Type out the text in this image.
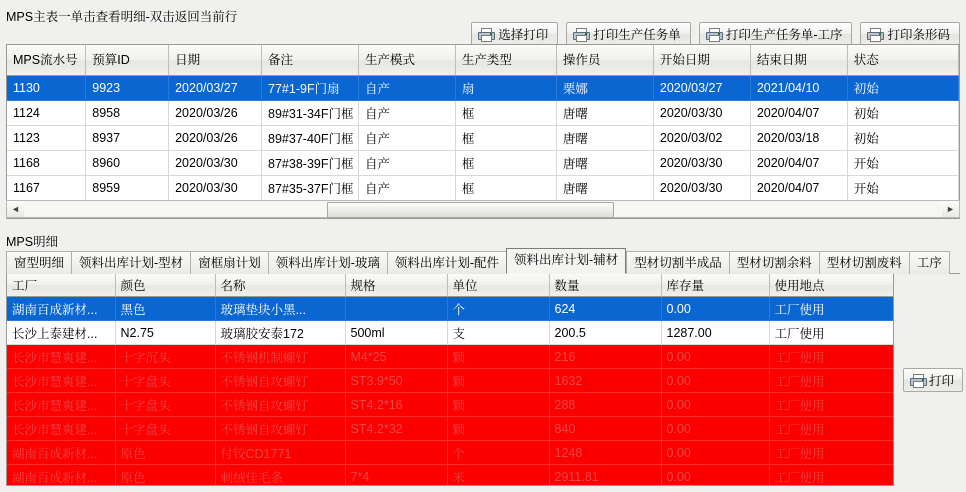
MPS主表一单击查看明细-双击返回当前行
选择打印	打印生产任务单	打印生产任务单-工序	打印条形码
MPS流水号	预算ID	日期	备注	生产模式	生产类型	操作员	开始日期	结束日期	状态
1130	9923	2020/03/27	77#1-9F门扇	自产	扇	栗娜	2020/03/27	2021/04/10	初始
1124	8958	2020/03/26	89#31-34F门框	自产	框	唐曙	2020/03/30	2020/04/07	初始
1123	8937	2020/03/26	89#37-40F门框	自产	框	唐曙	2020/03/02	2020/03/18	初始
1168	8960	2020/03/30	87#38-39F门框	自产	框	唐曙	2020/03/30	2020/04/07	开始
1167	8959	2020/03/30	87#35-37F门框	自产	框	唐曙	2020/03/30	2020/04/07	开始
◄	►
MPS明细
窗型明细	领料出库计划-型材	窗框扇计划	领料出库计划-玻璃	领料出库计划-配件	领料出库计划-辅材	型材切割半成品	型材切割余料	型材切割废料	工序
工厂	颜色	名称	规格	单位	数量	库存量	使用地点
湖南百成新材...	黑色	玻璃垫块小黑...		个	624	0.00	工厂使用
长沙上泰建材...	N2.75	玻璃胶安泰172	500ml	支	200.5	1287.00	工厂使用
长沙市慧爽建...	十字沉头	不锈钢机制螺钉	M4*25	颗	216	0.00	工厂使用
长沙市慧爽建...	十字盘头	不锈钢自攻螺钉	ST3.9*50	颗	1632	0.00	工厂使用
长沙市慧爽建...	十字盘头	不锈钢自攻螺钉	ST4.2*16	颗	288	0.00	工厂使用
长沙市慧爽建...	十字盘头	不锈钢自攻螺钉	ST4.2*32	颗	840	0.00	工厂使用
湖南百成新材...	原色	付铰CD1771		个	1248	0.00	工厂使用
湖南百成新材...	原色	刺绒佳毛条	7*4	米	2911.81	0.00	工厂使用
打印
